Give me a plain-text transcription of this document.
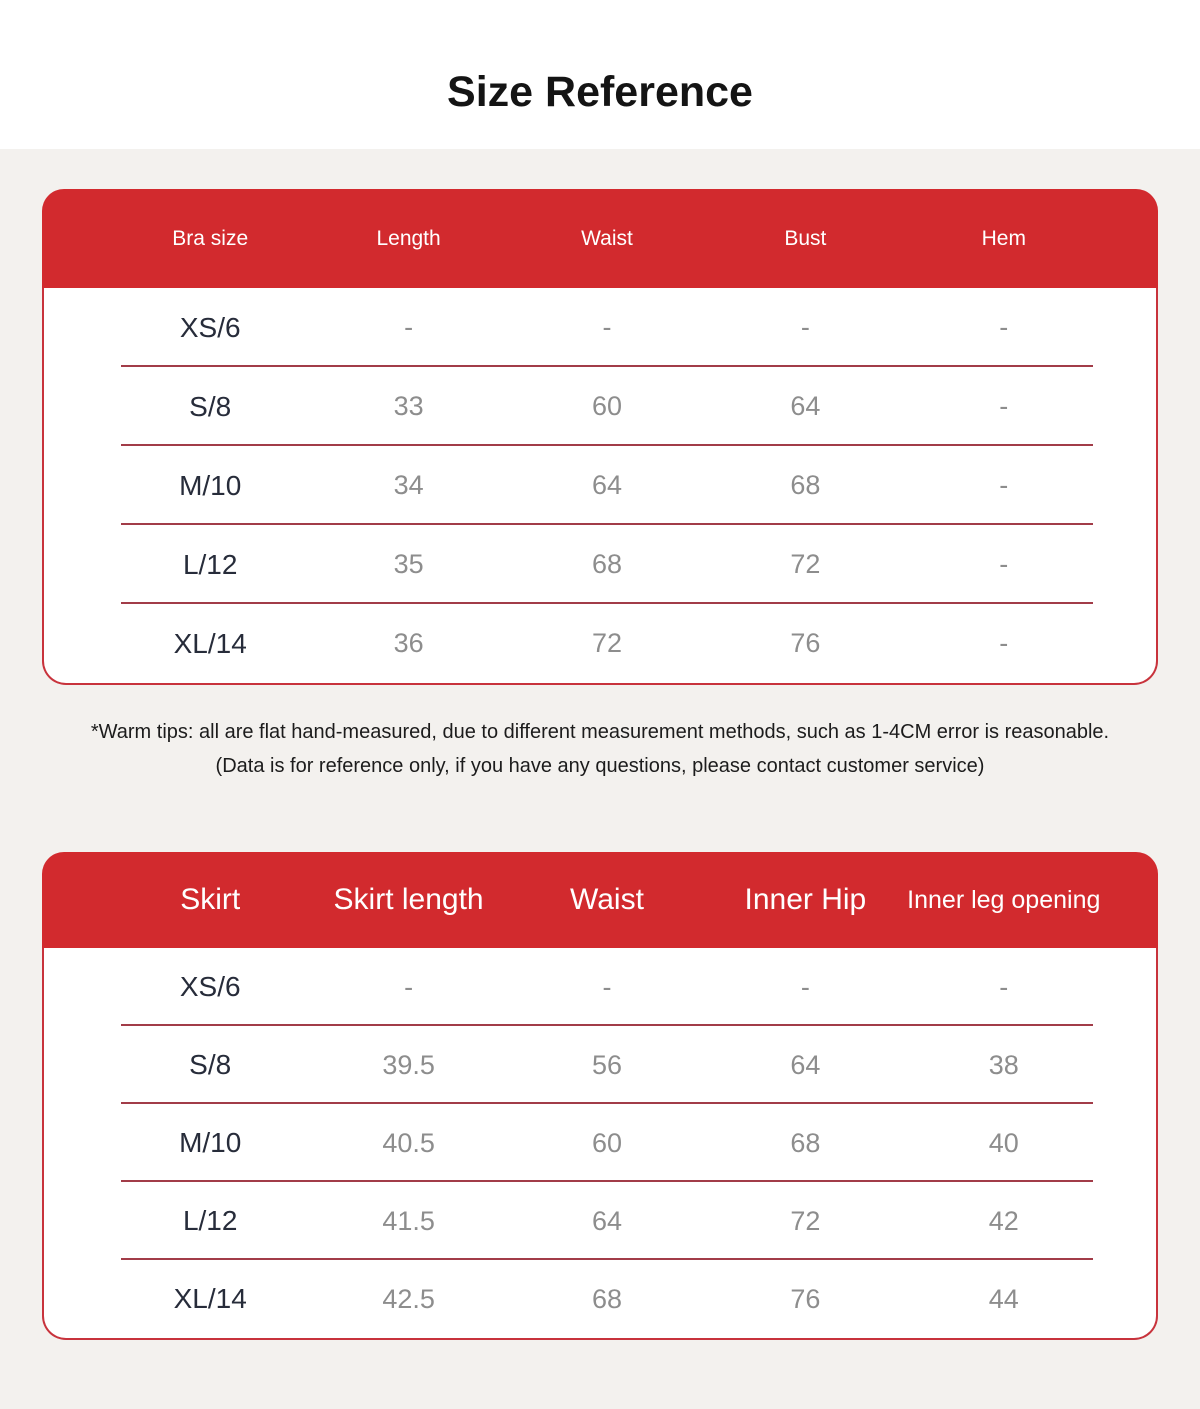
Size Reference
Bra size	Length	Waist	Bust	Hem
XS/6	-	-	-	-
S/8	33	60	64	-
M/10	34	64	68	-
L/12	35	68	72	-
XL/14	36	72	76	-

*Warm tips: all are flat hand-measured, due to different measurement methods, such as 1-4CM error is reasonable.

(Data is for reference only, if you have any questions, please contact customer service)

Skirt	Skirt length	Waist	Inner Hip	Inner leg opening
XS/6	-	-	-	-
S/8	39.5	56	64	38
M/10	40.5	60	68	40
L/12	41.5	64	72	42
XL/14	42.5	68	76	44
